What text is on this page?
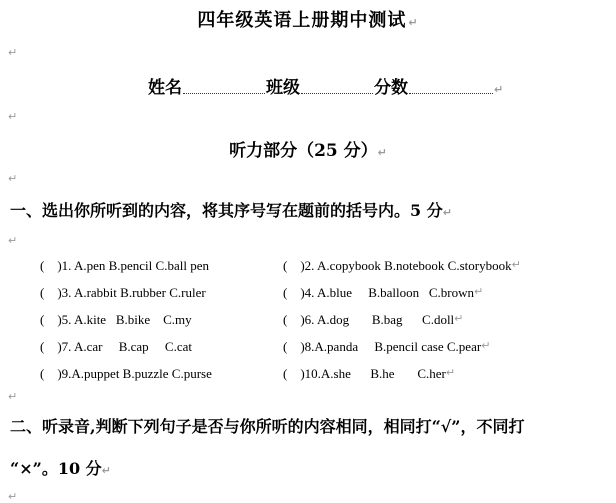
四年级英语上册期中测试 ↵
↵
姓名	班级	分数	↵
↵
听力部分（25 分）↵
↵
一、选出你所听到的内容，将其序号写在题前的括号内。5 分↵
↵
(    )1. A.pen B.pencil C.ball pen	(    )2. A.copybook B.notebook C.storybook ↵
(    )3. A.rabbit B.rubber C.ruler	(    )4. A.blue     B.balloon   C.brown ↵
(    )5. A.kite   B.bike    C.my	(    )6. A.dog       B.bag      C.doll ↵
(    )7. A.car     B.cap     C.cat	(    )8.A.panda     B.pencil case C.pear ↵
(    )9.A.puppet B.puzzle C.purse	(    )10.A.she      B.he       C.her ↵
↵
二、听录音,判断下列句子是否与你所听的内容相同，相同打“√”，不同打
“×”。10 分↵
↵
